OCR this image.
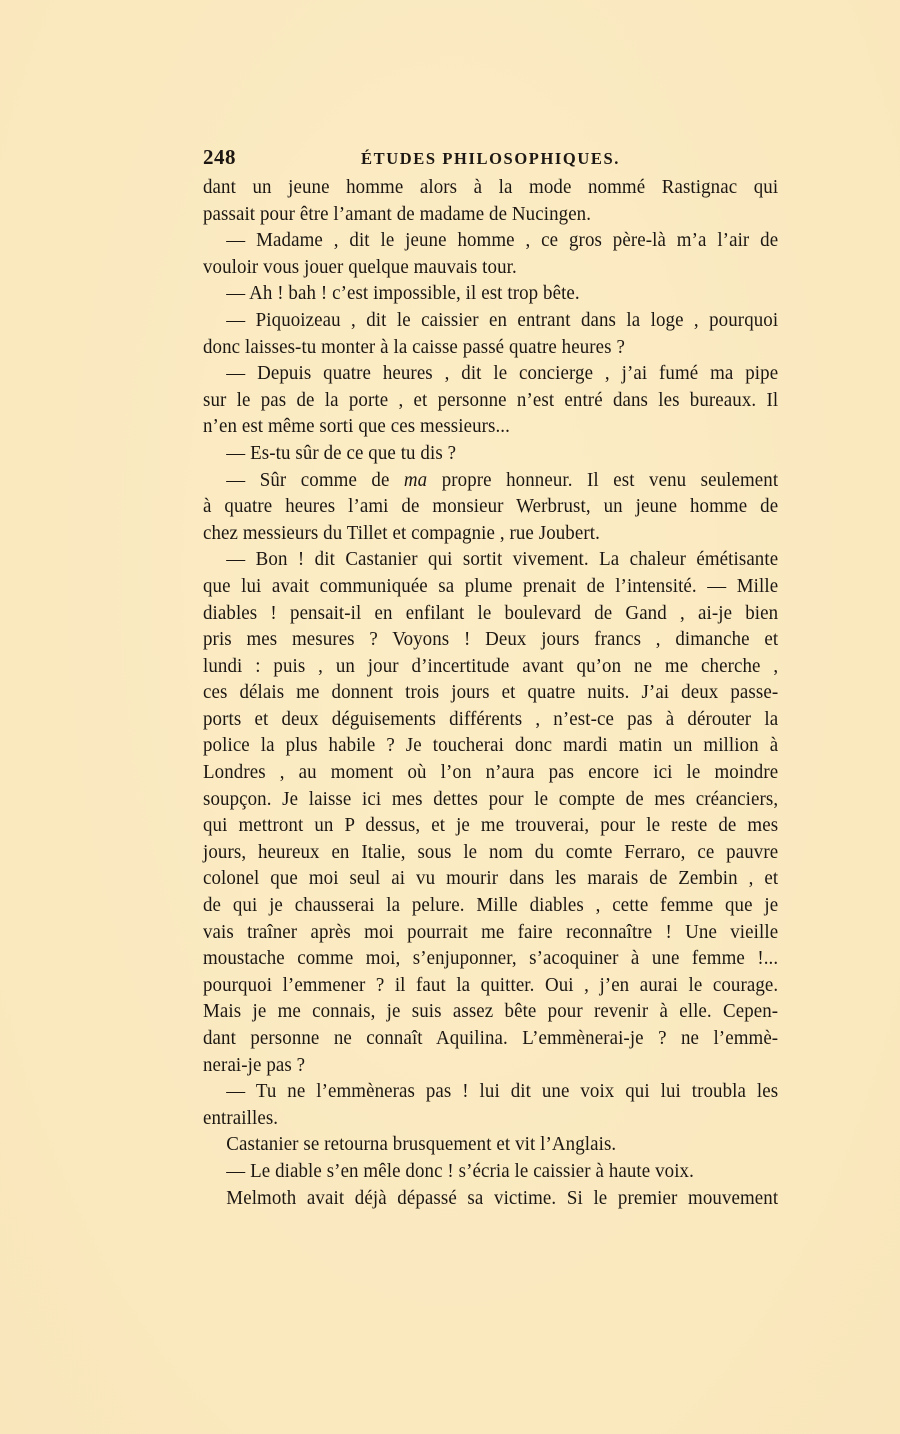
248	ÉTUDES PHILOSOPHIQUES.
dant un jeune homme alors à la mode nommé Rastignac qui
passait pour être l’amant de madame de Nucingen.
— Madame , dit le jeune homme , ce gros père-là m’a l’air de
vouloir vous jouer quelque mauvais tour.
— Ah ! bah ! c’est impossible, il est trop bête.
— Piquoizeau , dit le caissier en entrant dans la loge , pourquoi
donc laisses-tu monter à la caisse passé quatre heures ?
— Depuis quatre heures , dit le concierge , j’ai fumé ma pipe
sur le pas de la porte , et personne n’est entré dans les bureaux. Il
n’en est même sorti que ces messieurs...
— Es-tu sûr de ce que tu dis ?
— Sûr comme de ma propre honneur. Il est venu seulement
à quatre heures l’ami de monsieur Werbrust, un jeune homme de
chez messieurs du Tillet et compagnie , rue Joubert.
— Bon ! dit Castanier qui sortit vivement. La chaleur émétisante
que lui avait communiquée sa plume prenait de l’intensité. — Mille
diables ! pensait-il en enfilant le boulevard de Gand , ai-je bien
pris mes mesures ? Voyons ! Deux jours francs , dimanche et
lundi : puis , un jour d’incertitude avant qu’on ne me cherche ,
ces délais me donnent trois jours et quatre nuits. J’ai deux passe-
ports et deux déguisements différents , n’est-ce pas à dérouter la
police la plus habile ? Je toucherai donc mardi matin un million à
Londres , au moment où l’on n’aura pas encore ici le moindre
soupçon. Je laisse ici mes dettes pour le compte de mes créanciers,
qui mettront un P dessus, et je me trouverai, pour le reste de mes
jours, heureux en Italie, sous le nom du comte Ferraro, ce pauvre
colonel que moi seul ai vu mourir dans les marais de Zembin , et
de qui je chausserai la pelure. Mille diables , cette femme que je
vais traîner après moi pourrait me faire reconnaître ! Une vieille
moustache comme moi, s’enjuponner, s’acoquiner à une femme !...
pourquoi l’emmener ? il faut la quitter. Oui , j’en aurai le courage.
Mais je me connais, je suis assez bête pour revenir à elle. Cepen-
dant personne ne connaît Aquilina. L’emmènerai-je ? ne l’emmè-
nerai-je pas ?
— Tu ne l’emmèneras pas ! lui dit une voix qui lui troubla les
entrailles.
Castanier se retourna brusquement et vit l’Anglais.
— Le diable s’en mêle donc ! s’écria le caissier à haute voix.
Melmoth avait déjà dépassé sa victime. Si le premier mouvement
